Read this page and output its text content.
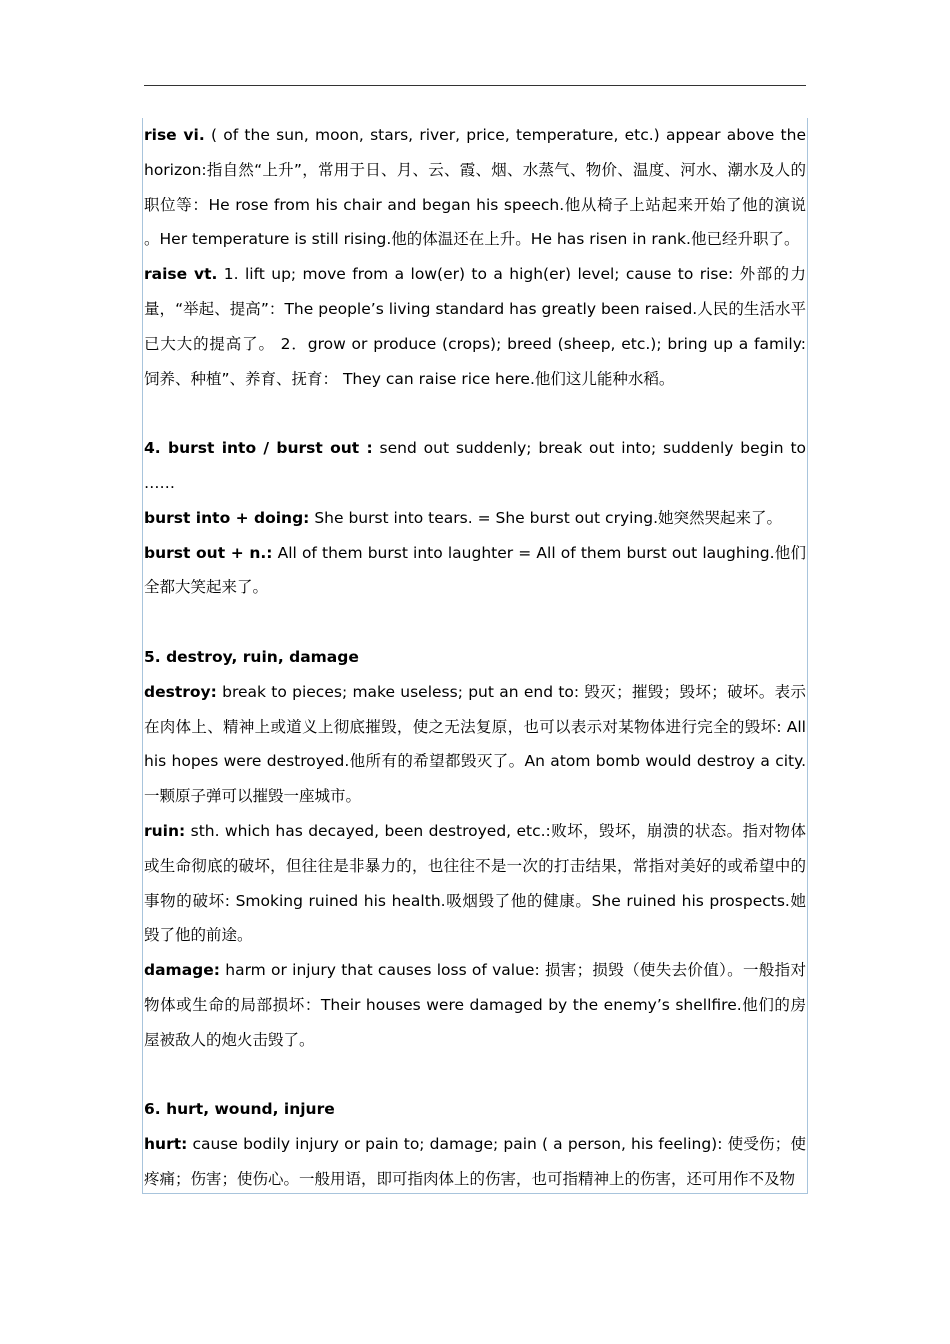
rise vi. ( of the sun, moon, stars, river, price, temperature, etc.) appear above the horizon:指自然“上升”，常用于日、月、云、霞、烟、水蒸气、物价、温度、河水、潮水及人的职位等：He rose from his chair and began his speech.他从椅子上站起来开始了他的演说 。Her temperature is still rising.他的体温还在上升。He has risen in rank.他已经升职了。

raise vt. 1. lift up; move from a low(er) to a high(er) level; cause to rise: 外部的力量，“举起、提高”：The people’s living standard has greatly been raised.人民的生活水平已大大的提高了。 2．grow or produce (crops); breed (sheep, etc.); bring up a family: 饲养、种植”、养育、抚育： They can raise rice here.他们这儿能种水稻。

4. burst into / burst out : send out suddenly; break out into; suddenly begin to ……

burst into + doing: She burst into tears. = She burst out crying.她突然哭起来了。

burst out + n.: All of them burst into laughter = All of them burst out laughing.他们全都大笑起来了。

5. destroy, ruin, damage

destroy: break to pieces; make useless; put an end to: 毁灭；摧毁；毁坏；破坏。表示在肉体上、精神上或道义上彻底摧毁，使之无法复原，也可以表示对某物体进行完全的毁坏: All his hopes were destroyed.他所有的希望都毁灭了。An atom bomb would destroy a city. 一颗原子弹可以摧毁一座城市。

ruin: sth. which has decayed, been destroyed, etc.:败坏，毁坏，崩溃的状态。指对物体或生命彻底的破坏，但往往是非暴力的，也往往不是一次的打击结果，常指对美好的或希望中的事物的破坏: Smoking ruined his health.吸烟毁了他的健康。She ruined his prospects.她毁了他的前途。

damage: harm or injury that causes loss of value: 损害；损毁（使失去价值）。一般指对物体或生命的局部损坏：Their houses were damaged by the enemy’s shellfire.他们的房屋被敌人的炮火击毁了。

6. hurt, wound, injure

hurt: cause bodily injury or pain to; damage; pain ( a person, his feeling): 使受伤；使疼痛；伤害；使伤心。一般用语，即可指肉体上的伤害，也可指精神上的伤害，还可用作不及物
